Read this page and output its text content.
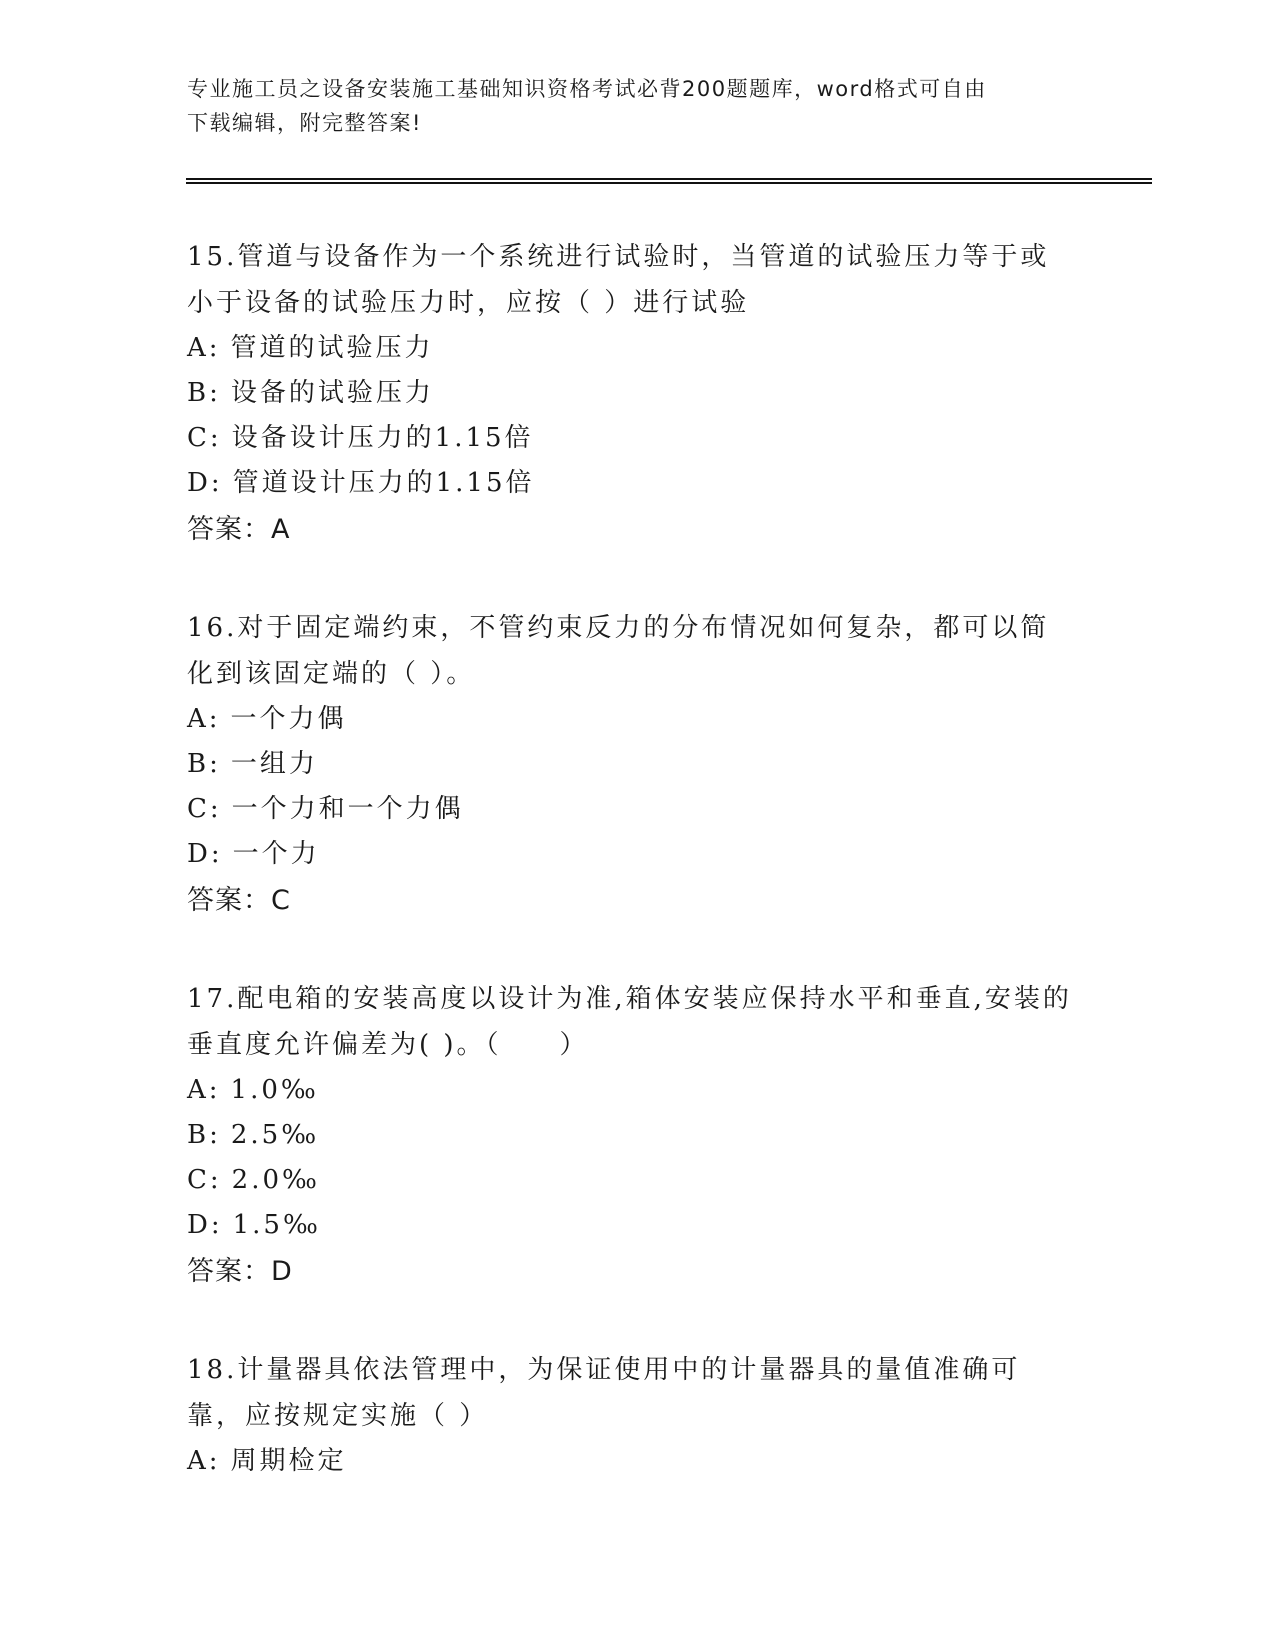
专业施工员之设备安装施工基础知识资格考试必背200题题库，word格式可自由
下载编辑，附完整答案!

15.管道与设备作为一个系统进行试验时，当管道的试验压力等于或小于设备的试验压力时，应按（ ）进行试验

A: 管道的试验压力
B: 设备的试验压力
C: 设备设计压力的1.15倍
D: 管道设计压力的1.15倍
答案：A

16.对于固定端约束，不管约束反力的分布情况如何复杂，都可以简化到该固定端的（ ）。

A: 一个力偶
B: 一组力
C: 一个力和一个力偶
D: 一个力
答案：C

17.配电箱的安装高度以设计为准,箱体安装应保持水平和垂直,安装的垂直度允许偏差为( )。（　　）

A: 1.0‰
B: 2.5‰
C: 2.0‰
D: 1.5‰
答案：D

18.计量器具依法管理中，为保证使用中的计量器具的量值准确可靠，应按规定实施（ ）

A: 周期检定
